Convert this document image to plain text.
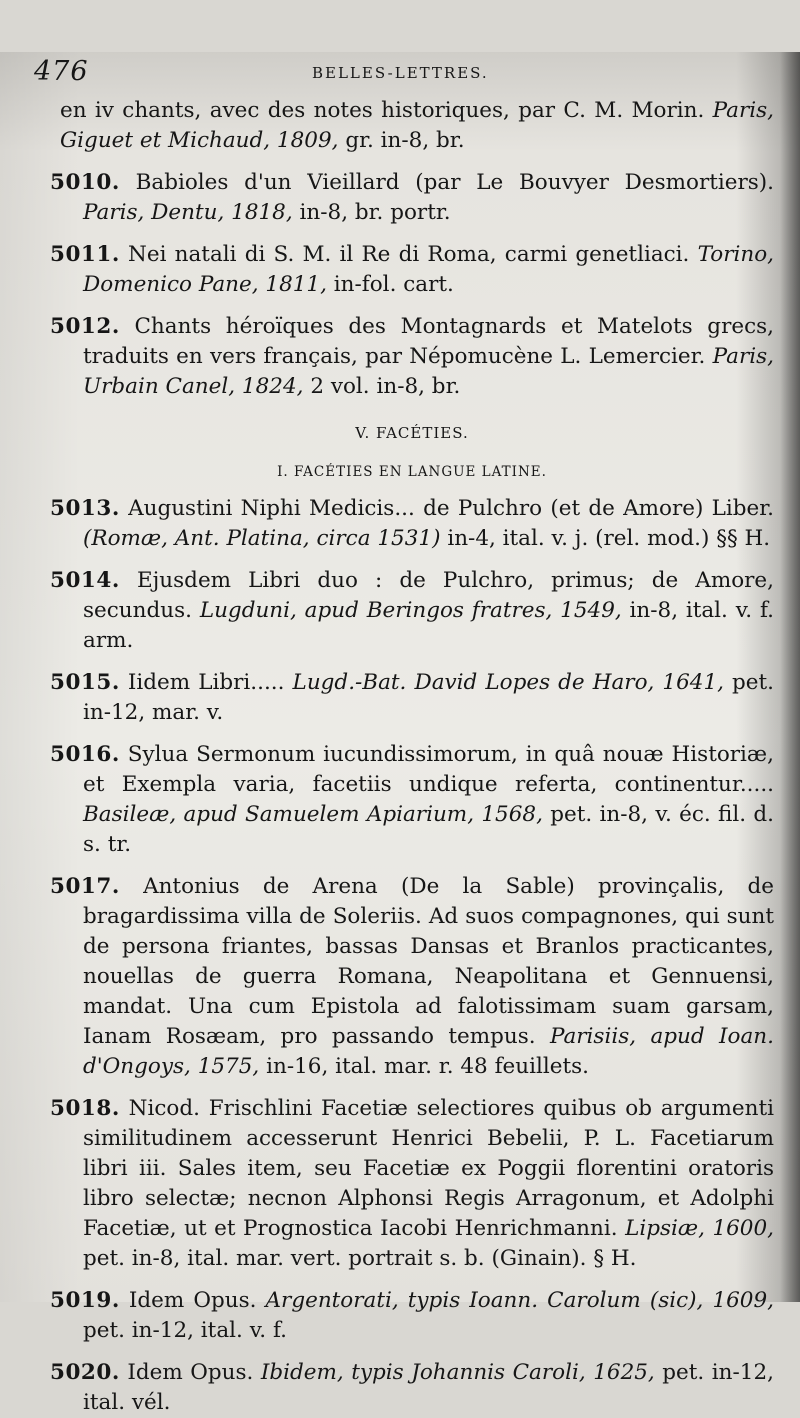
476	BELLES-LETTRES.

en iv chants, avec des notes historiques, par C. M. Morin. Paris, Giguet et Michaud, 1809, gr. in-8, br.

5010. Babioles d'un Vieillard (par Le Bouvyer Desmortiers). Paris, Dentu, 1818, in-8, br. portr.

5011. Nei natali di S. M. il Re di Roma, carmi genetliaci. Torino, Domenico Pane, 1811, in-fol. cart.

5012. Chants héroïques des Montagnards et Matelots grecs, traduits en vers français, par Népomucène L. Lemercier. Paris, Urbain Canel, 1824, 2 vol. in-8, br.

V. FACÉTIES.
I. FACÉTIES EN LANGUE LATINE.

5013. Augustini Niphi Medicis... de Pulchro (et de Amore) Liber. (Romæ, Ant. Platina, circa 1531) in-4, ital. v. j. (rel. mod.) §§ H.

5014. Ejusdem Libri duo : de Pulchro, primus; de Amore, secundus. Lugduni, apud Beringos fratres, 1549, in-8, ital. v. f. arm.

5015. Iidem Libri..... Lugd.-Bat. David Lopes de Haro, 1641, pet. in-12, mar. v.

5016. Sylua Sermonum iucundissimorum, in quâ nouæ Historiæ, et Exempla varia, facetiis undique referta, continentur..... Basileæ, apud Samuelem Apiarium, 1568, pet. in-8, v. éc. fil. d. s. tr.

5017. Antonius de Arena (De la Sable) provinçalis, de bragardissima villa de Soleriis. Ad suos compagnones, qui sunt de persona friantes, bassas Dansas et Branlos practicantes, nouellas de guerra Romana, Neapolitana et Gennuensi, mandat. Una cum Epistola ad falotissimam suam garsam, Ianam Rosæam, pro passando tempus. Parisiis, apud Ioan. d'Ongoys, 1575, in-16, ital. mar. r. 48 feuillets.

5018. Nicod. Frischlini Facetiæ selectiores quibus ob argumenti similitudinem accesserunt Henrici Bebelii, P. L. Facetiarum libri iii. Sales item, seu Facetiæ ex Poggii florentini oratoris libro selectæ; necnon Alphonsi Regis Arragonum, et Adolphi Facetiæ, ut et Prognostica Iacobi Henrichmanni. Lipsiæ, 1600, pet. in-8, ital. mar. vert. portrait s. b. (Ginain). § H.

5019. Idem Opus. Argentorati, typis Ioann. Carolum (sic), 1609, pet. in-12, ital. v. f.

5020. Idem Opus. Ibidem, typis Johannis Caroli, 1625, pet. in-12, ital. vél.
